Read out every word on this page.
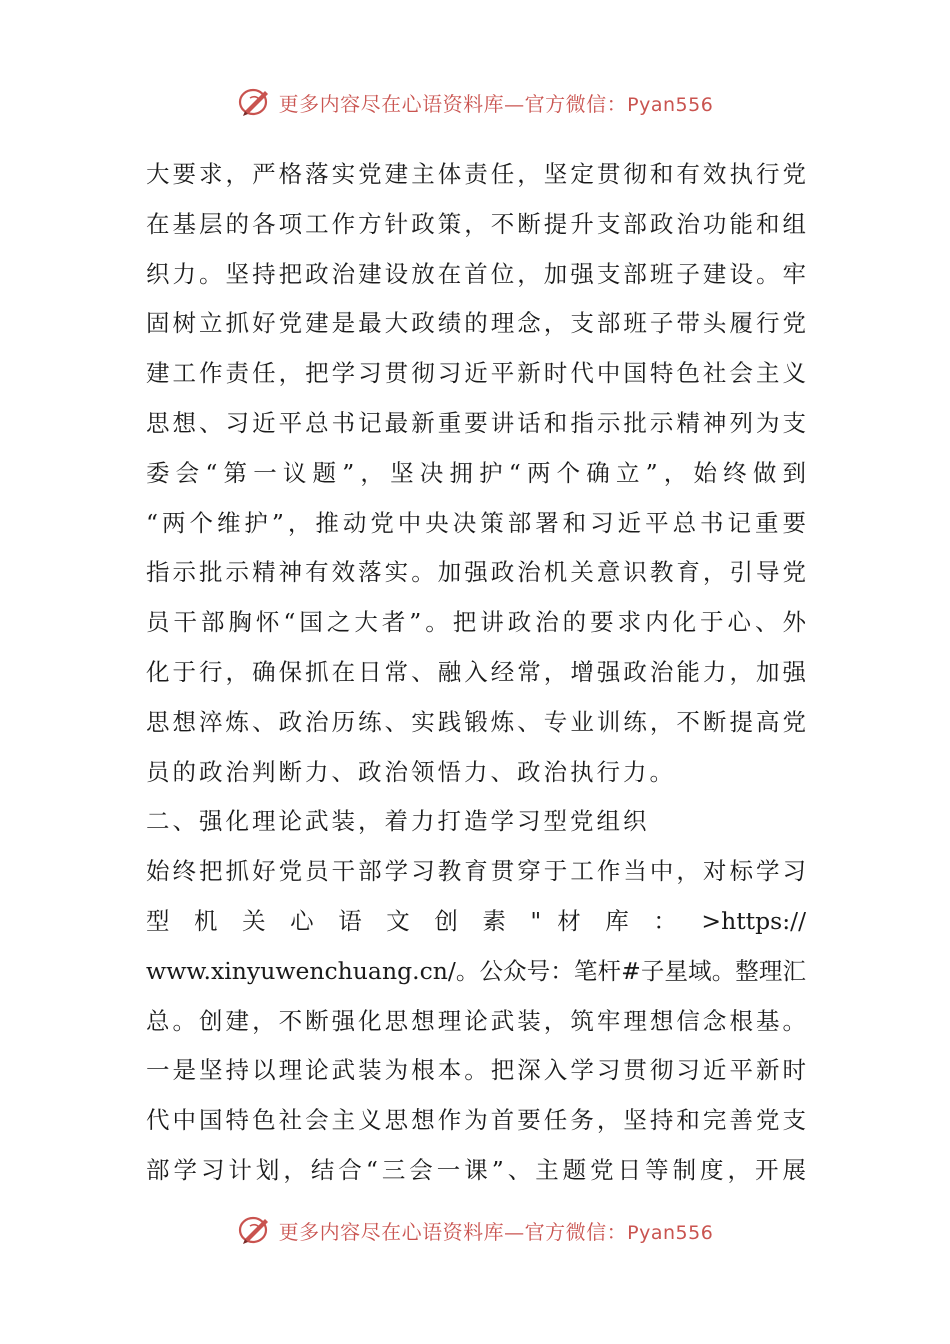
更多内容尽在心语资料库—官方微信：Pyan556
大要求，严格落实党建主体责任，坚定贯彻和有效执行党
在基层的各项工作方针政策，不断提升支部政治功能和组
织力。坚持把政治建设放在首位，加强支部班子建设。牢
固树立抓好党建是最大政绩的理念，支部班子带头履行党
建工作责任，把学习贯彻习近平新时代中国特色社会主义
思想、习近平总书记最新重要讲话和指示批示精神列为支
委会“第一议题”，坚决拥护“两个确立”，始终做到
“两个维护”，推动党中央决策部署和习近平总书记重要
指示批示精神有效落实。加强政治机关意识教育，引导党
员干部胸怀“国之大者”。把讲政治的要求内化于心、外
化于行，确保抓在日常、融入经常，增强政治能力，加强
思想淬炼、政治历练、实践锻炼、专业训练，不断提高党
员的政治判断力、政治领悟力、政治执行力。
二、强化理论武装，着力打造学习型党组织
始终把抓好党员干部学习教育贯穿于工作当中，对标学习
型 机 关 心 语 文 创 素 " 材 库 ： >https://
www.xinyuwenchuang.cn/。公众号：笔杆#子星域。整理汇
总。创建，不断强化思想理论武装，筑牢理想信念根基。
一是坚持以理论武装为根本。把深入学习贯彻习近平新时
代中国特色社会主义思想作为首要任务，坚持和完善党支
部学习计划，结合“三会一课”、主题党日等制度，开展
更多内容尽在心语资料库—官方微信：Pyan556
